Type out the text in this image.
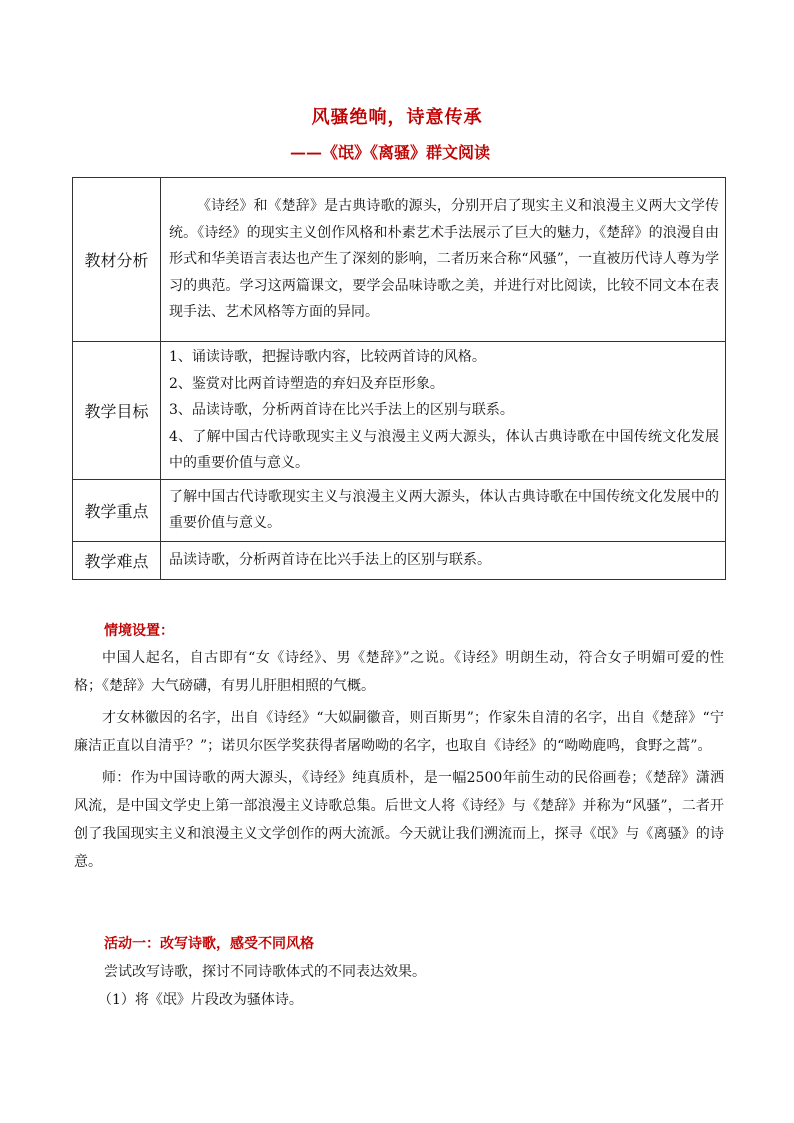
风骚绝响，诗意传承
——《氓》《离骚》群文阅读
教材分析	《诗经》和《楚辞》是古典诗歌的源头，分别开启了现实主义和浪漫主义两大文学传统。《诗经》的现实主义创作风格和朴素艺术手法展示了巨大的魅力，《楚辞》的浪漫自由形式和华美语言表达也产生了深刻的影响，二者历来合称“风骚”，一直被历代诗人尊为学习的典范。学习这两篇课文，要学会品味诗歌之美，并进行对比阅读，比较不同文本在表现手法、艺术风格等方面的异同。
教学目标	1、诵读诗歌，把握诗歌内容，比较两首诗的风格。
2、鉴赏对比两首诗塑造的弃妇及弃臣形象。
3、品读诗歌，分析两首诗在比兴手法上的区别与联系。
4、了解中国古代诗歌现实主义与浪漫主义两大源头，体认古典诗歌在中国传统文化发展中的重要价值与意义。

教学重点	了解中国古代诗歌现实主义与浪漫主义两大源头，体认古典诗歌在中国传统文化发展中的重要价值与意义。
教学难点	品读诗歌，分析两首诗在比兴手法上的区别与联系。
情境设置：

中国人起名，自古即有“女《诗经》、男《楚辞》”之说。《诗经》明朗生动，符合女子明媚可爱的性格；《楚辞》大气磅礴，有男儿肝胆相照的气概。

才女林徽因的名字，出自《诗经》“大姒嗣徽音，则百斯男”；作家朱自清的名字，出自《楚辞》“宁廉洁正直以自清乎？”；诺贝尔医学奖获得者屠呦呦的名字，也取自《诗经》的“呦呦鹿鸣，食野之蒿”。

师：作为中国诗歌的两大源头，《诗经》纯真质朴，是一幅2500年前生动的民俗画卷；《楚辞》潇洒风流，是中国文学史上第一部浪漫主义诗歌总集。后世文人将《诗经》与《楚辞》并称为“风骚”，二者开创了我国现实主义和浪漫主义文学创作的两大流派。今天就让我们溯流而上，探寻《氓》与《离骚》的诗意。

活动一：改写诗歌，感受不同风格
尝试改写诗歌，探讨不同诗歌体式的不同表达效果。
（1）将《氓》片段改为骚体诗。
